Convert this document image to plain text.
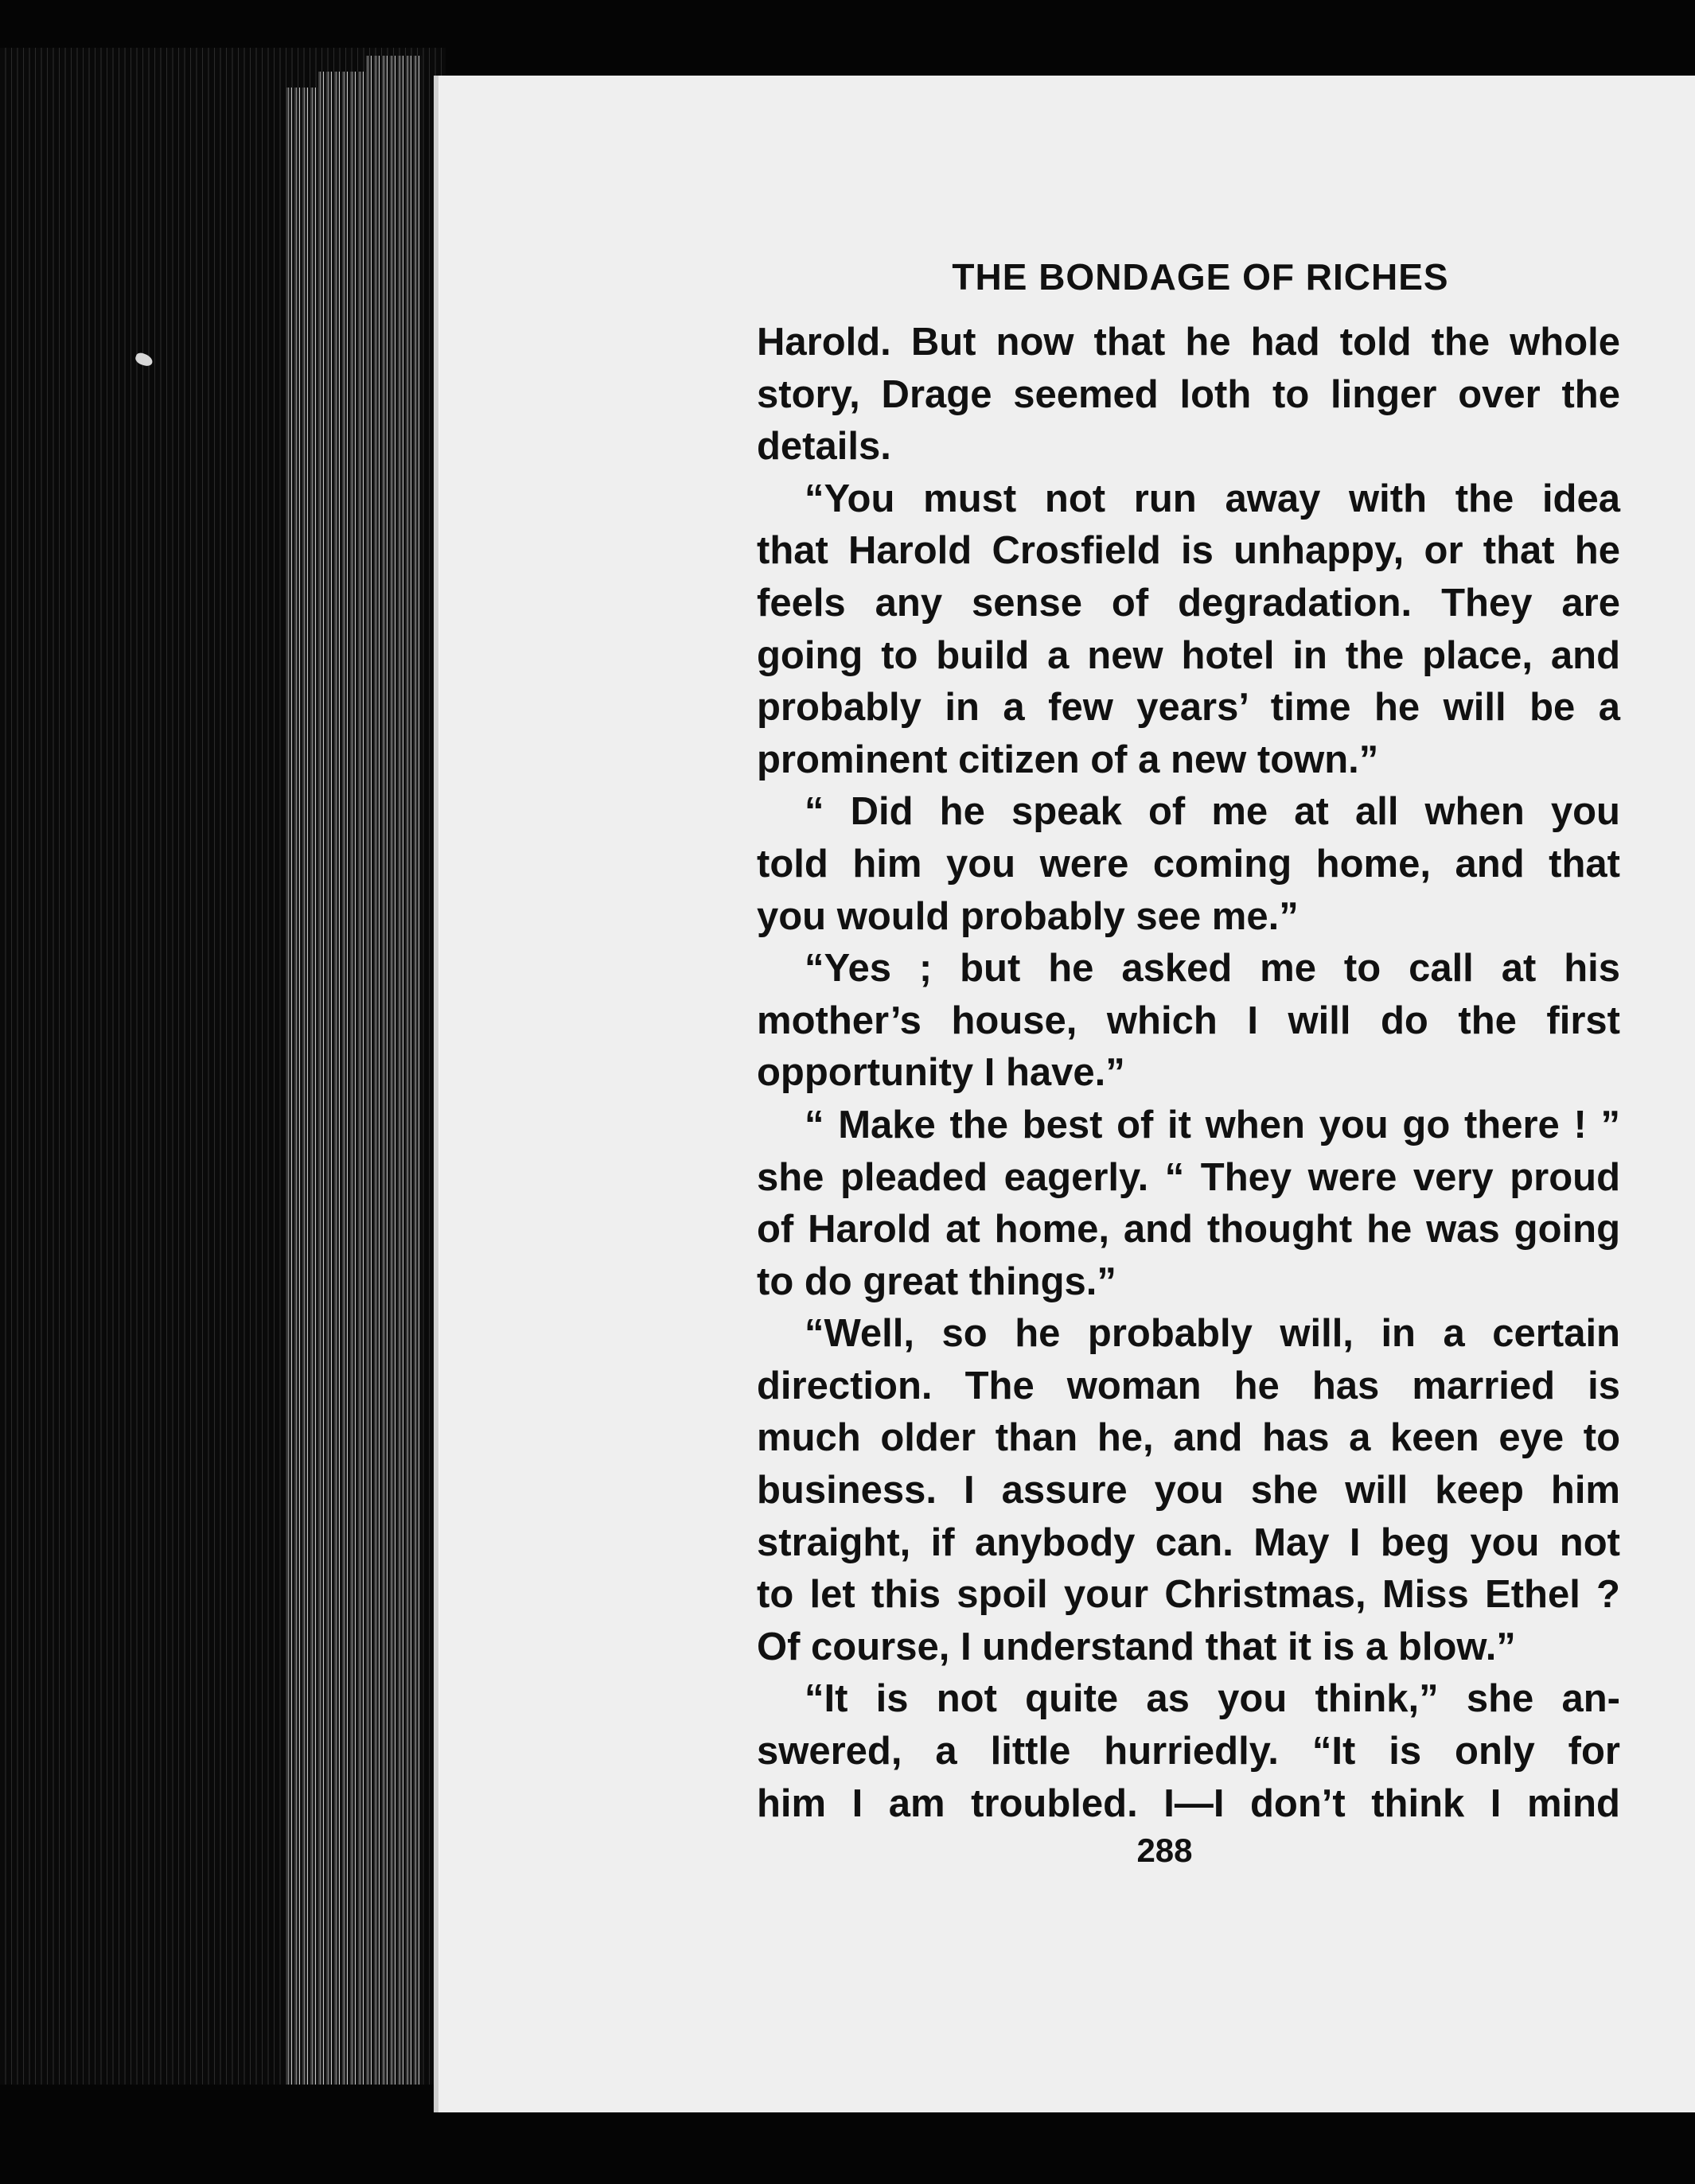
THE BONDAGE OF RICHES

Harold. But now that he had told the whole
story, Drage seemed loth to linger over the
details.

“You must not run away with the idea
that Harold Crosfield is unhappy, or that he
feels any sense of degradation. They are
going to build a new hotel in the place, and
probably in a few years’ time he will be a
prominent citizen of a new town.”

“ Did he speak of me at all when you
told him you were coming home, and that
you would probably see me.”

“Yes ; but he asked me to call at his
mother’s house, which I will do the first
opportunity I have.”

“ Make the best of it when you go there ! ”
she pleaded eagerly. “ They were very proud
of Harold at home, and thought he was going
to do great things.”

“Well, so he probably will, in a certain
direction. The woman he has married is
much older than he, and has a keen eye to
business. I assure you she will keep him
straight, if anybody can. May I beg you not
to let this spoil your Christmas, Miss Ethel ?
Of course, I understand that it is a blow.”

“It is not quite as you think,” she an-
swered, a little hurriedly. “It is only for
him I am troubled. I—I don’t think I mind

288
